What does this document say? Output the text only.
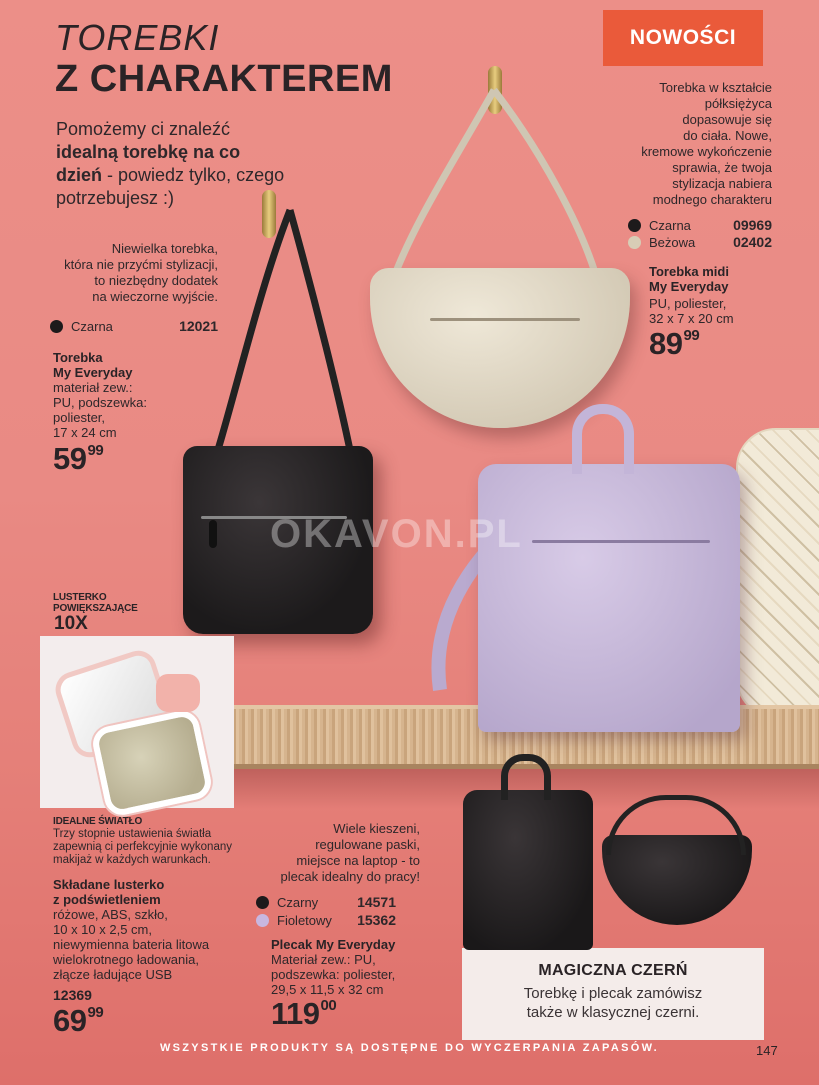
OKAVON.PL
TOREBKI
Z CHARAKTEREM
Pomożemy ci znaleźć idealną torebkę na co dzień - powiedz tylko, czego potrzebujesz :)
NOWOŚCI
Torebka w kształcie
półksiężyca
dopasowuje się
do ciała. Nowe,
kremowe wykończenie
sprawia, że twoja
stylizacja nabiera
modnego charakteru
Czarna	09969
Beżowa	02402
Torebka midi
My Everyday
PU, poliester,
32 x 7 x 20 cm
$89^{99}$
Niewielka torebka,
która nie przyćmi stylizacji,
to niezbędny dodatek
na wieczorne wyjście.
Czarna	12021
Torebka
My Everyday
materiał zew.:
PU, podszewka:
poliester,
17 x 24 cm
$59^{99}$
LUSTERKO
POWIĘKSZAJĄCE
10X
IDEALNE ŚWIATŁO
Trzy stopnie ustawienia światła
zapewnią ci perfekcyjnie wykonany
makijaż w każdych warunkach.
Składane lusterko
z podświetleniem
różowe, ABS, szkło,
10 x 10 x 2,5 cm,
niewymienna bateria litowa
wielokrotnego ładowania,
złącze ładujące USB
12369
$69^{99}$
Wiele kieszeni,
regulowane paski,
miejsce na laptop - to
plecak idealny do pracy!
Czarny	14571
Fioletowy	15362
Plecak My Everyday
Materiał zew.: PU,
podszewka: poliester,
29,5 x 11,5 x 32 cm
$119^{00}$
MAGICZNA CZERŃ
Torebkę i plecak zamówisz
także w klasycznej czerni.
WSZYSTKIE PRODUKTY SĄ DOSTĘPNE DO WYCZERPANIA ZAPASÓW.	147
